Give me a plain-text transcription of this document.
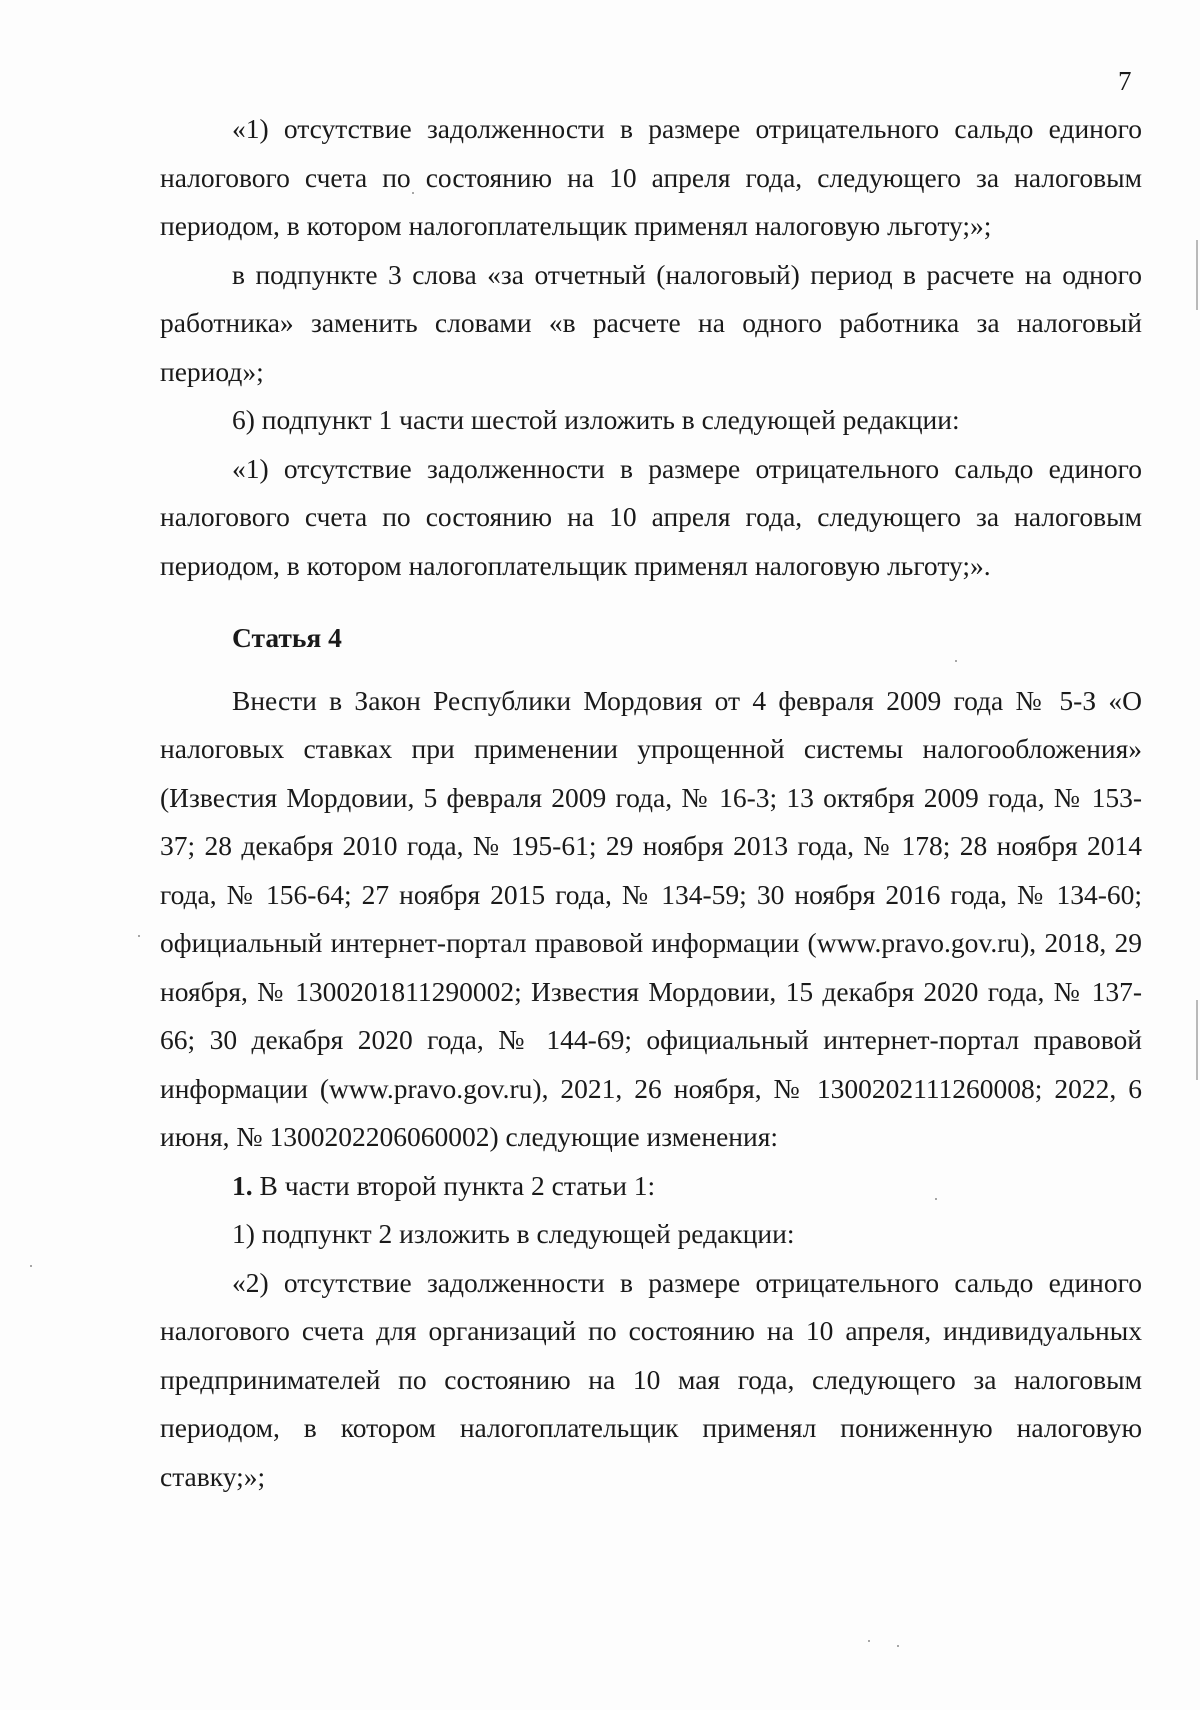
7

«1) отсутствие задолженности в размере отрицательного сальдо единого налогового счета по состоянию на 10 апреля года, следующего за налоговым периодом, в котором налогоплательщик применял налоговую льготу;»;

в подпункте 3 слова «за отчетный (налоговый) период в расчете на одного работника» заменить словами «в расчете на одного работника за налоговый период»;

6) подпункт 1 части шестой изложить в следующей редакции:

«1) отсутствие задолженности в размере отрицательного сальдо единого налогового счета по состоянию на 10 апреля года, следующего за налоговым периодом, в котором налогоплательщик применял налоговую льготу;».

Статья 4

Внести в Закон Республики Мордовия от 4 февраля 2009 года № 5-З «О налоговых ставках при применении упрощенной системы налогообложения» (Известия Мордовии, 5 февраля 2009 года, № 16-3; 13 октября 2009 года, № 153-37; 28 декабря 2010 года, № 195-61; 29 ноября 2013 года, № 178; 28 ноября 2014 года, № 156-64; 27 ноября 2015 года, № 134-59; 30 ноября 2016 года, № 134-60; официальный интернет-портал правовой информации (www.pravo.gov.ru), 2018, 29 ноября, № 1300201811290002; Известия Мордовии, 15 декабря 2020 года, № 137-66; 30 декабря 2020 года, № 144-69; официальный интернет-портал правовой информации (www.pravo.gov.ru), 2021, 26 ноября, № 1300202111260008; 2022, 6 июня, № 1300202206060002) следующие изменения:

1. В части второй пункта 2 статьи 1:

1) подпункт 2 изложить в следующей редакции:

«2) отсутствие задолженности в размере отрицательного сальдо единого налогового счета для организаций по состоянию на 10 апреля, индивидуальных предпринимателей по состоянию на 10 мая года, следующего за налоговым периодом, в котором налогоплательщик применял пониженную налоговую ставку;»;
